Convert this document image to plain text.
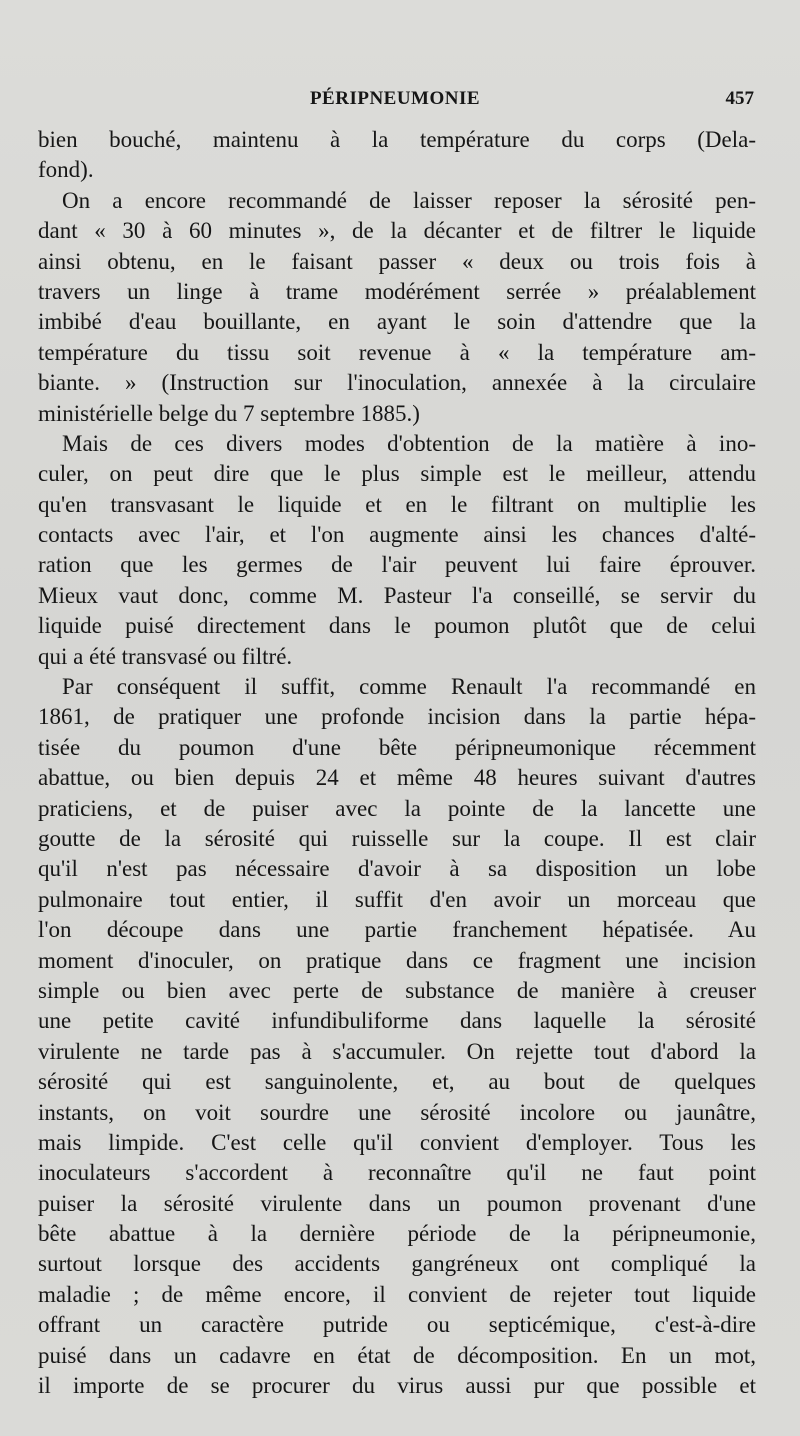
PÉRIPNEUMONIE	457
bien bouché, maintenu à la température du corps (Dela-
fond).
On a encore recommandé de laisser reposer la sérosité pen-
dant « 30 à 60 minutes », de la décanter et de filtrer le liquide
ainsi obtenu, en le faisant passer « deux ou trois fois à
travers un linge à trame modérément serrée » préalablement
imbibé d'eau bouillante, en ayant le soin d'attendre que la
température du tissu soit revenue à « la température am-
biante. » (Instruction sur l'inoculation, annexée à la circulaire
ministérielle belge du 7 septembre 1885.)
Mais de ces divers modes d'obtention de la matière à ino-
culer, on peut dire que le plus simple est le meilleur, attendu
qu'en transvasant le liquide et en le filtrant on multiplie les
contacts avec l'air, et l'on augmente ainsi les chances d'alté-
ration que les germes de l'air peuvent lui faire éprouver.
Mieux vaut donc, comme M. Pasteur l'a conseillé, se servir du
liquide puisé directement dans le poumon plutôt que de celui
qui a été transvasé ou filtré.
Par conséquent il suffit, comme Renault l'a recommandé en
1861, de pratiquer une profonde incision dans la partie hépa-
tisée du poumon d'une bête péripneumonique récemment
abattue, ou bien depuis 24 et même 48 heures suivant d'autres
praticiens, et de puiser avec la pointe de la lancette une
goutte de la sérosité qui ruisselle sur la coupe. Il est clair
qu'il n'est pas nécessaire d'avoir à sa disposition un lobe
pulmonaire tout entier, il suffit d'en avoir un morceau que
l'on découpe dans une partie franchement hépatisée. Au
moment d'inoculer, on pratique dans ce fragment une incision
simple ou bien avec perte de substance de manière à creuser
une petite cavité infundibuliforme dans laquelle la sérosité
virulente ne tarde pas à s'accumuler. On rejette tout d'abord la
sérosité qui est sanguinolente, et, au bout de quelques
instants, on voit sourdre une sérosité incolore ou jaunâtre,
mais limpide. C'est celle qu'il convient d'employer. Tous les
inoculateurs s'accordent à reconnaître qu'il ne faut point
puiser la sérosité virulente dans un poumon provenant d'une
bête abattue à la dernière période de la péripneumonie,
surtout lorsque des accidents gangréneux ont compliqué la
maladie ; de même encore, il convient de rejeter tout liquide
offrant un caractère putride ou septicémique, c'est-à-dire
puisé dans un cadavre en état de décomposition. En un mot,
il importe de se procurer du virus aussi pur que possible et
